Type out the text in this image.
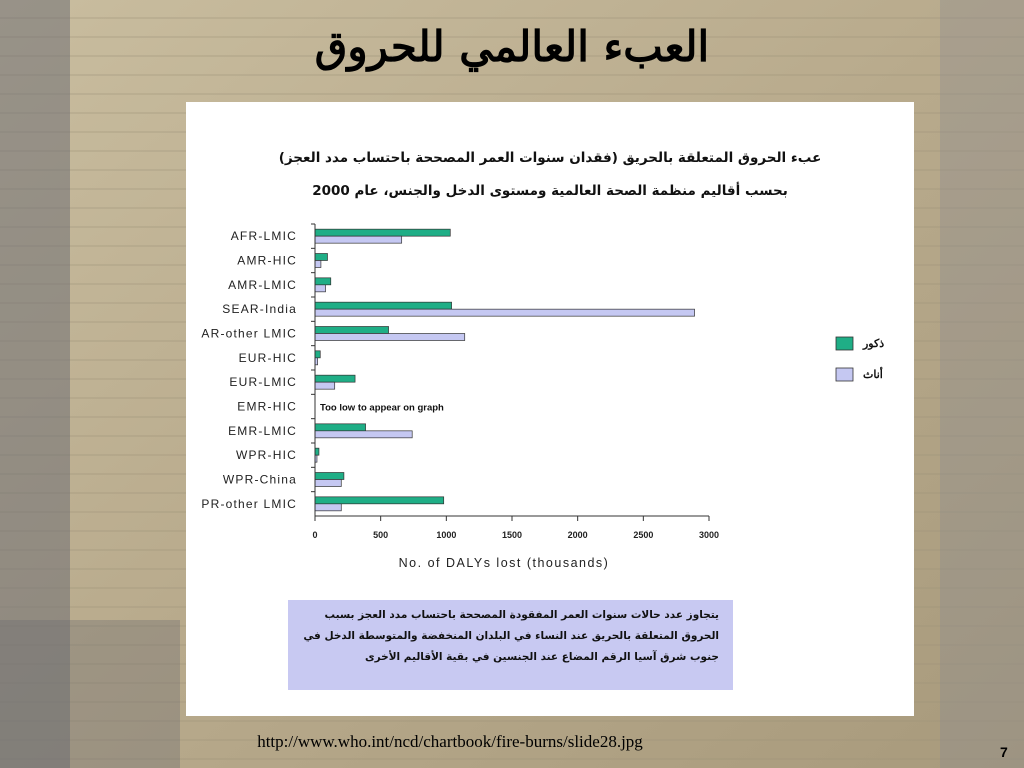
العبء العالمي للحروق
عبء الحروق المتعلقة بالحريق (فقدان سنوات العمر المصححة باحتساب مدد العجز)
بحسب أقاليم منظمة الصحة العالمية ومستوى الدخل والجنس، عام 2000
AFR-LMIC
AMR-HIC
AMR-LMIC
SEAR-India
AR-other LMIC
EUR-HIC
EUR-LMIC
EMR-HIC
EMR-LMIC
WPR-HIC
WPR-China
PR-other LMIC
Too low to appear on graph
0	500	1000	1500	2000	2500	3000
No. of DALYs lost (thousands)
ذكور
أناث
يتجاوز عدد حالات سنوات العمر المفقودة المصححة باحتساب مدد العجز بسبب
الحروق المتعلقة بالحريق عند النساء في البلدان المنخفضة والمتوسطة الدخل في
جنوب شرق آسيا الرقم المضاع عند الجنسين في بقية الأقاليم الأخرى
http://www.who.int/ncd/chartbook/fire-burns/slide28.jpg
7
